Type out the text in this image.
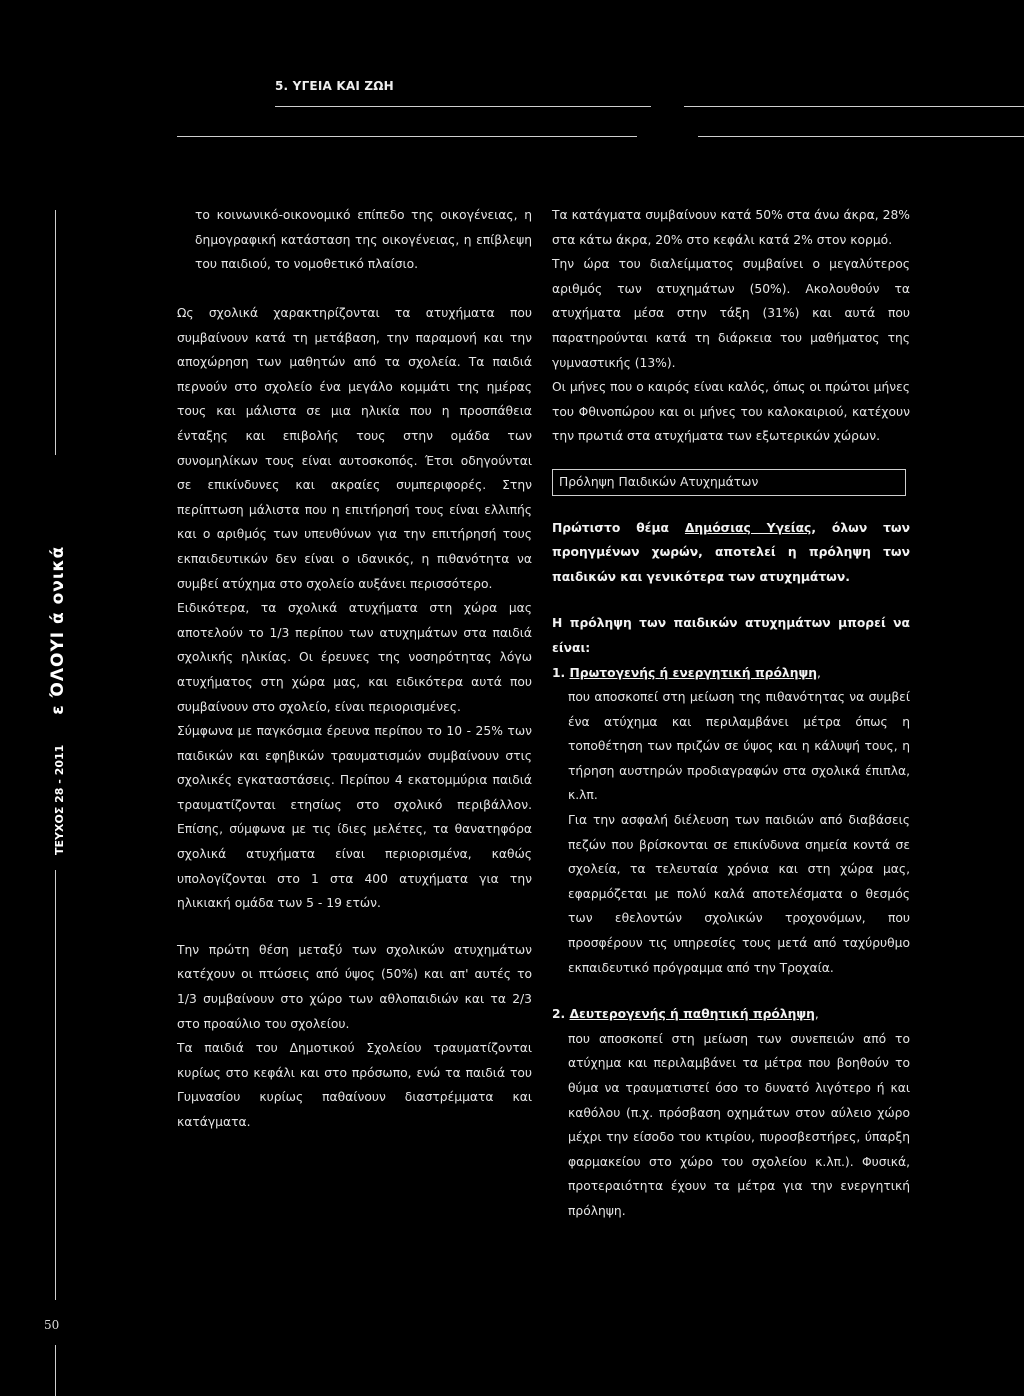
5. ΥΓΕΙΑ ΚΑΙ ΖΩΗ
ΤΕΥΧΟΣ 28 - 2011ε ΌΛΟΥΙ ά ονικά
50

το κοινωνικό-οικονομικό επίπεδο της οικογένειας, η δημογραφική κατάσταση της οικογένειας, η επίβλεψη του παιδιού, το νομοθετικό πλαίσιο.

Ως σχολικά χαρακτηρίζονται τα ατυχήματα που συμβαίνουν κατά τη μετάβαση, την παραμονή και την αποχώρηση των μαθητών από τα σχολεία. Τα παιδιά περνούν στο σχολείο ένα μεγάλο κομμάτι της ημέρας τους και μάλιστα σε μια ηλικία που η προσπάθεια ένταξης και επιβολής τους στην ομάδα των συνομηλίκων τους είναι αυτοσκοπός. Έτσι οδηγούνται σε επικίνδυνες και ακραίες συμπεριφορές. Στην περίπτωση μάλιστα που η επιτήρησή τους είναι ελλιπής και ο αριθμός των υπευθύνων για την επιτήρησή τους εκπαιδευτικών δεν είναι ο ιδανικός, η πιθανότητα να συμβεί ατύχημα στο σχολείο αυξάνει περισσότερο.

Ειδικότερα, τα σχολικά ατυχήματα στη χώρα μας αποτελούν το 1/3 περίπου των ατυχημάτων στα παιδιά σχολικής ηλικίας. Οι έρευνες της νοσηρότητας λόγω ατυχήματος στη χώρα μας, και ειδικότερα αυτά που συμβαίνουν στο σχολείο, είναι περιορισμένες.

Σύμφωνα με παγκόσμια έρευνα περίπου το 10 - 25% των παιδικών και εφηβικών τραυματισμών συμβαίνουν στις σχολικές εγκαταστάσεις. Περίπου 4 εκατομμύρια παιδιά τραυματίζονται ετησίως στο σχολικό περιβάλλον. Επίσης, σύμφωνα με τις ίδιες μελέτες, τα θανατηφόρα σχολικά ατυχήματα είναι περιορισμένα, καθώς υπολογίζονται στο 1 στα 400 ατυχήματα για την ηλικιακή ομάδα των 5 - 19 ετών.

Την πρώτη θέση μεταξύ των σχολικών ατυχημάτων κατέχουν οι πτώσεις από ύψος (50%) και απ' αυτές το 1/3 συμβαίνουν στο χώρο των αθλοπαιδιών και τα 2/3 στο προαύλιο του σχολείου.

Τα παιδιά του Δημοτικού Σχολείου τραυματίζονται κυρίως στο κεφάλι και στο πρόσωπο, ενώ τα παιδιά του Γυμνασίου κυρίως παθαίνουν διαστρέμματα και κατάγματα.

Τα κατάγματα συμβαίνουν κατά 50% στα άνω άκρα, 28% στα κάτω άκρα, 20% στο κεφάλι κατά 2% στον κορμό.

Την ώρα του διαλείμματος συμβαίνει ο μεγαλύτερος αριθμός των ατυχημάτων (50%). Ακολουθούν τα ατυχήματα μέσα στην τάξη (31%) και αυτά που παρατηρούνται κατά τη διάρκεια του μαθήματος της γυμναστικής (13%).

Οι μήνες που ο καιρός είναι καλός, όπως οι πρώτοι μήνες του Φθινοπώρου και οι μήνες του καλοκαιριού, κατέχουν την πρωτιά στα ατυχήματα των εξωτερικών χώρων.

Πρόληψη Παιδικών Ατυχημάτων

Πρώτιστο θέμα Δημόσιας Υγείας, όλων των προηγμένων χωρών, αποτελεί η πρόληψη των παιδικών και γενικότερα των ατυχημάτων.

Η πρόληψη των παιδικών ατυχημάτων μπορεί να είναι:

1. Πρωτογενής ή ενεργητική πρόληψη,

που αποσκοπεί στη μείωση της πιθανότητας να συμβεί ένα ατύχημα και περιλαμβάνει μέτρα όπως η τοποθέτηση των πριζών σε ύψος και η κάλυψή τους, η τήρηση αυστηρών προδιαγραφών στα σχολικά έπιπλα, κ.λπ.

Για την ασφαλή διέλευση των παιδιών από διαβάσεις πεζών που βρίσκονται σε επικίνδυνα σημεία κοντά σε σχολεία, τα τελευταία χρόνια και στη χώρα μας, εφαρμόζεται με πολύ καλά αποτελέσματα ο θεσμός των εθελοντών σχολικών τροχονόμων, που προσφέρουν τις υπηρεσίες τους μετά από ταχύρυθμο εκπαιδευτικό πρόγραμμα από την Τροχαία.

2. Δευτερογενής ή παθητική πρόληψη,

που αποσκοπεί στη μείωση των συνεπειών από το ατύχημα και περιλαμβάνει τα μέτρα που βοηθούν το θύμα να τραυματιστεί όσο το δυνατό λιγότερο ή και καθόλου (π.χ. πρόσβαση οχημάτων στον αύλειο χώρο μέχρι την είσοδο του κτιρίου, πυροσβεστήρες, ύπαρξη φαρμακείου στο χώρο του σχολείου κ.λπ.). Φυσικά, προτεραιότητα έχουν τα μέτρα για την ενεργητική πρόληψη.
